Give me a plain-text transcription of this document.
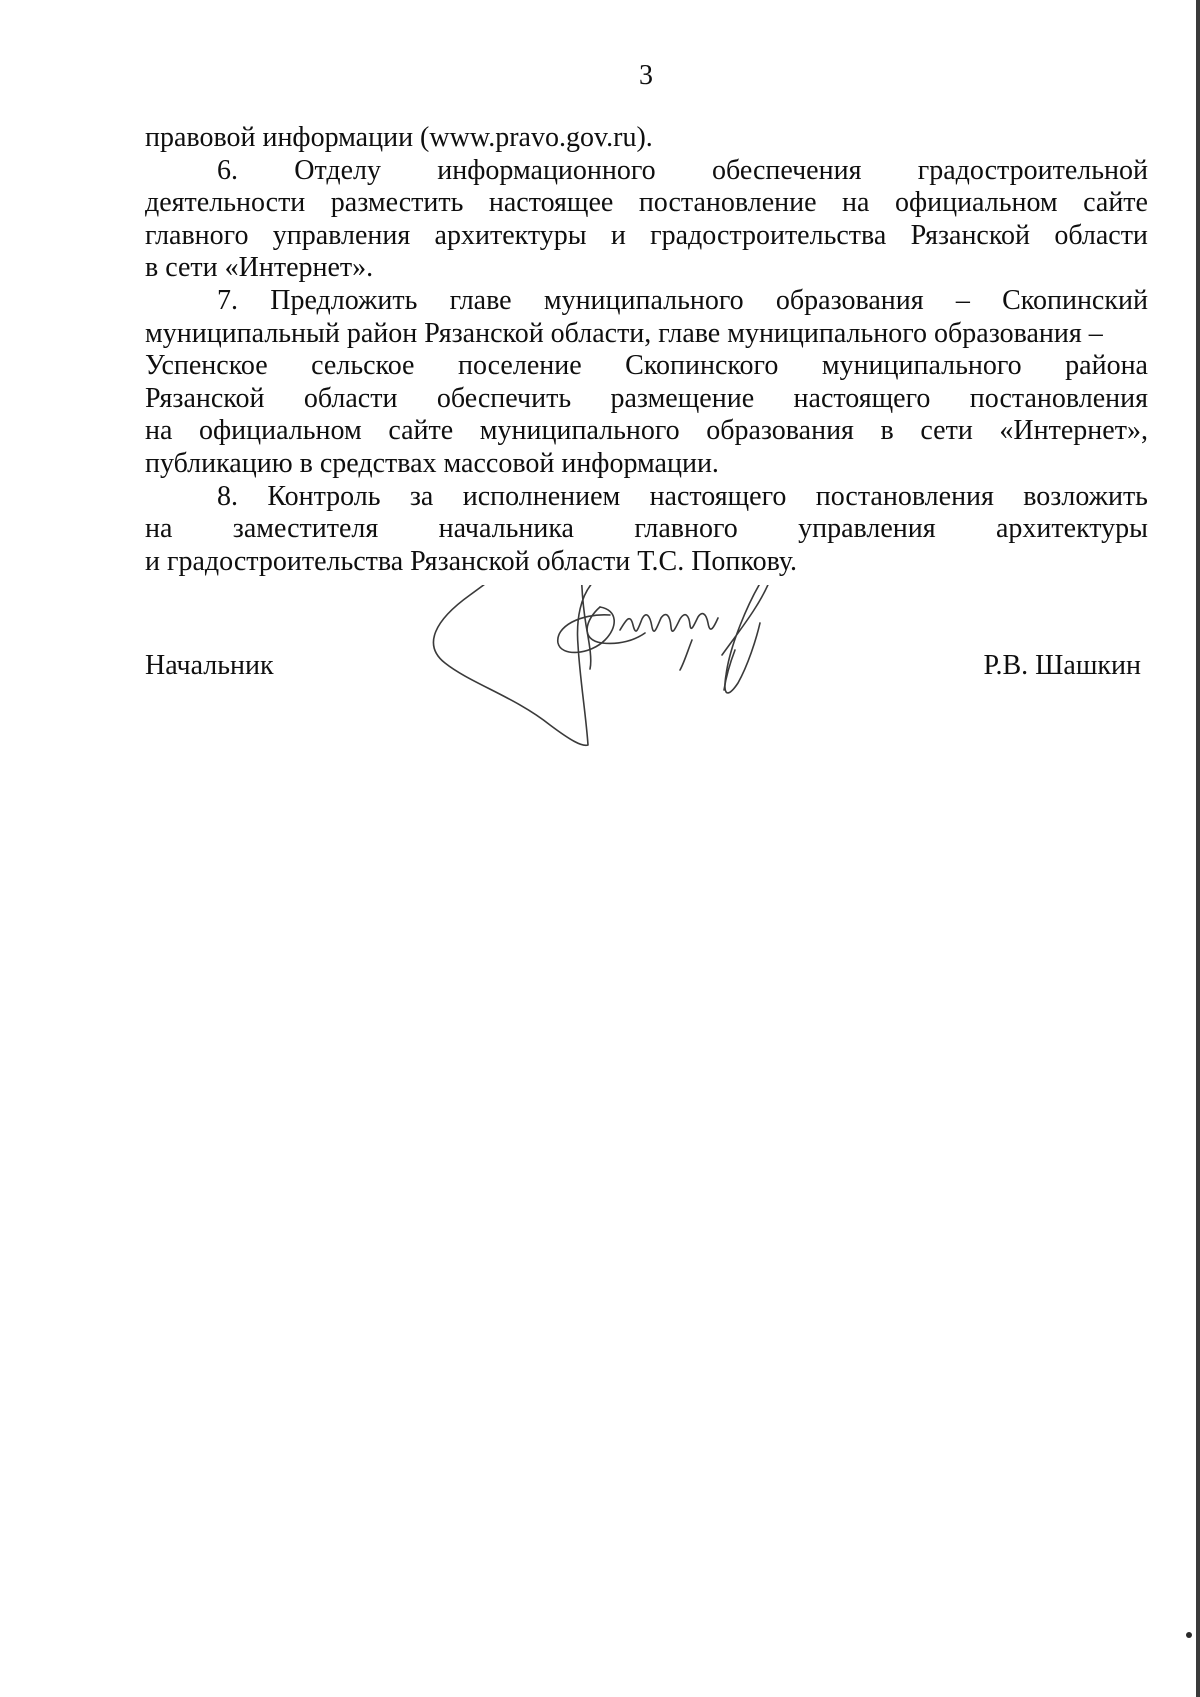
3
правовой информации (www.pravo.gov.ru).
6. Отделу информационного обеспечения градостроительной
деятельности разместить настоящее постановление на официальном сайте
главного управления архитектуры и градостроительства Рязанской области
в сети «Интернет».
7. Предложить главе муниципального образования – Скопинский
муниципальный район Рязанской области, главе муниципального образования –
Успенское сельское поселение Скопинского муниципального района
Рязанской области обеспечить размещение настоящего постановления
на официальном сайте муниципального образования в сети «Интернет»,
публикацию в средствах массовой информации.
8. Контроль за исполнением настоящего постановления возложить
на заместителя начальника главного управления архитектуры
и градостроительства Рязанской области Т.С. Попкову.
Начальник	Р.В. Шашкин
